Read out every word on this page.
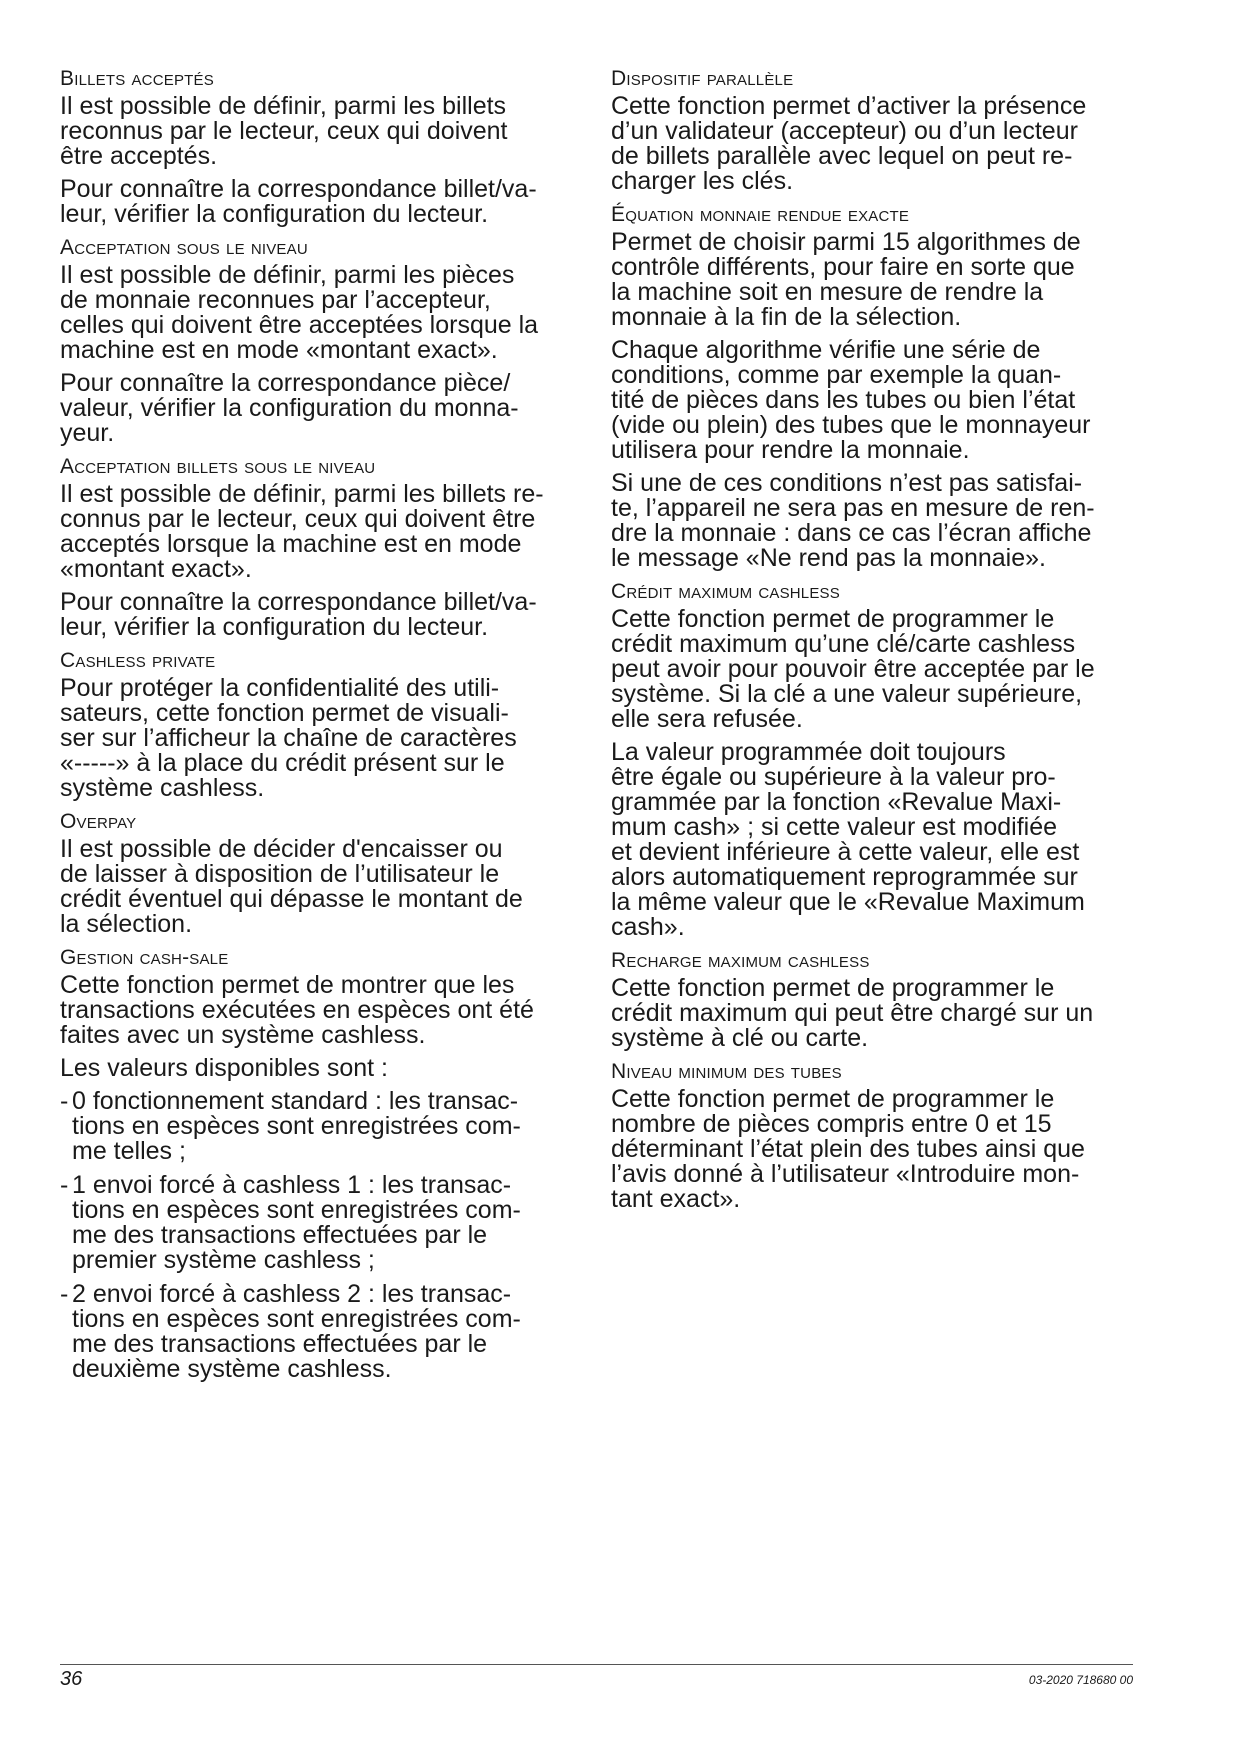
Billets acceptés
Il est possible de définir, parmi les billets
reconnus par le lecteur, ceux qui doivent
être acceptés.
Pour connaître la correspondance billet/va-
leur, vérifier la configuration du lecteur.
Acceptation sous le niveau
Il est possible de définir, parmi les pièces
de monnaie reconnues par l’accepteur,
celles qui doivent être acceptées lorsque la
machine est en mode «montant exact».
Pour connaître la correspondance pièce/
valeur, vérifier la configuration du monna-
yeur.
Acceptation billets sous le niveau
Il est possible de définir, parmi les billets re-
connus par le lecteur, ceux qui doivent être
acceptés lorsque la machine est en mode
«montant exact».
Pour connaître la correspondance billet/va-
leur, vérifier la configuration du lecteur.
Cashless private
Pour protéger la confidentialité des utili-
sateurs, cette fonction permet de visuali-
ser sur l’afficheur la chaîne de caractères
«-----» à la place du crédit présent sur le
système cashless.
Overpay
Il est possible de décider d'encaisser ou
de laisser à disposition de l’utilisateur le
crédit éventuel qui dépasse le montant de
la sélection.
Gestion cash-sale
Cette fonction permet de montrer que les
transactions exécutées en espèces ont été
faites avec un système cashless.
Les valeurs disponibles sont :
- 0 fonctionnement standard : les transac-
tions en espèces sont enregistrées com-
me telles ;
- 1 envoi forcé à cashless 1 : les transac-
tions en espèces sont enregistrées com-
me des transactions effectuées par le
premier système cashless ;
- 2 envoi forcé à cashless 2 : les transac-
tions en espèces sont enregistrées com-
me des transactions effectuées par le
deuxième système cashless.
Dispositif parallèle
Cette fonction permet d’activer la présence
d’un validateur (accepteur) ou d’un lecteur
de billets parallèle avec lequel on peut re-
charger les clés.
Équation monnaie rendue exacte
Permet de choisir parmi 15 algorithmes de
contrôle différents, pour faire en sorte que
la machine soit en mesure de rendre la
monnaie à la fin de la sélection.
Chaque algorithme vérifie une série de
conditions, comme par exemple la quan-
tité de pièces dans les tubes ou bien l’état
(vide ou plein) des tubes que le monnayeur
utilisera pour rendre la monnaie.
Si une de ces conditions n’est pas satisfai-
te, l’appareil ne sera pas en mesure de ren-
dre la monnaie : dans ce cas l’écran affiche
le message «Ne rend pas la monnaie».
Crédit maximum cashless
Cette fonction permet de programmer le
crédit maximum qu’une clé/carte cashless
peut avoir pour pouvoir être acceptée par le
système. Si la clé a une valeur supérieure,
elle sera refusée.
La valeur programmée doit toujours
être égale ou supérieure à la valeur pro-
grammée par la fonction «Revalue Maxi-
mum cash» ; si cette valeur est modifiée
et devient inférieure à cette valeur, elle est
alors automatiquement reprogrammée sur
la même valeur que le «Revalue Maximum
cash».
Recharge maximum cashless
Cette fonction permet de programmer le
crédit maximum qui peut être chargé sur un
système à clé ou carte.
Niveau minimum des tubes
Cette fonction permet de programmer le
nombre de pièces compris entre 0 et 15
déterminant l’état plein des tubes ainsi que
l’avis donné à l’utilisateur «Introduire mon-
tant exact».
36	03-2020 718680 00
